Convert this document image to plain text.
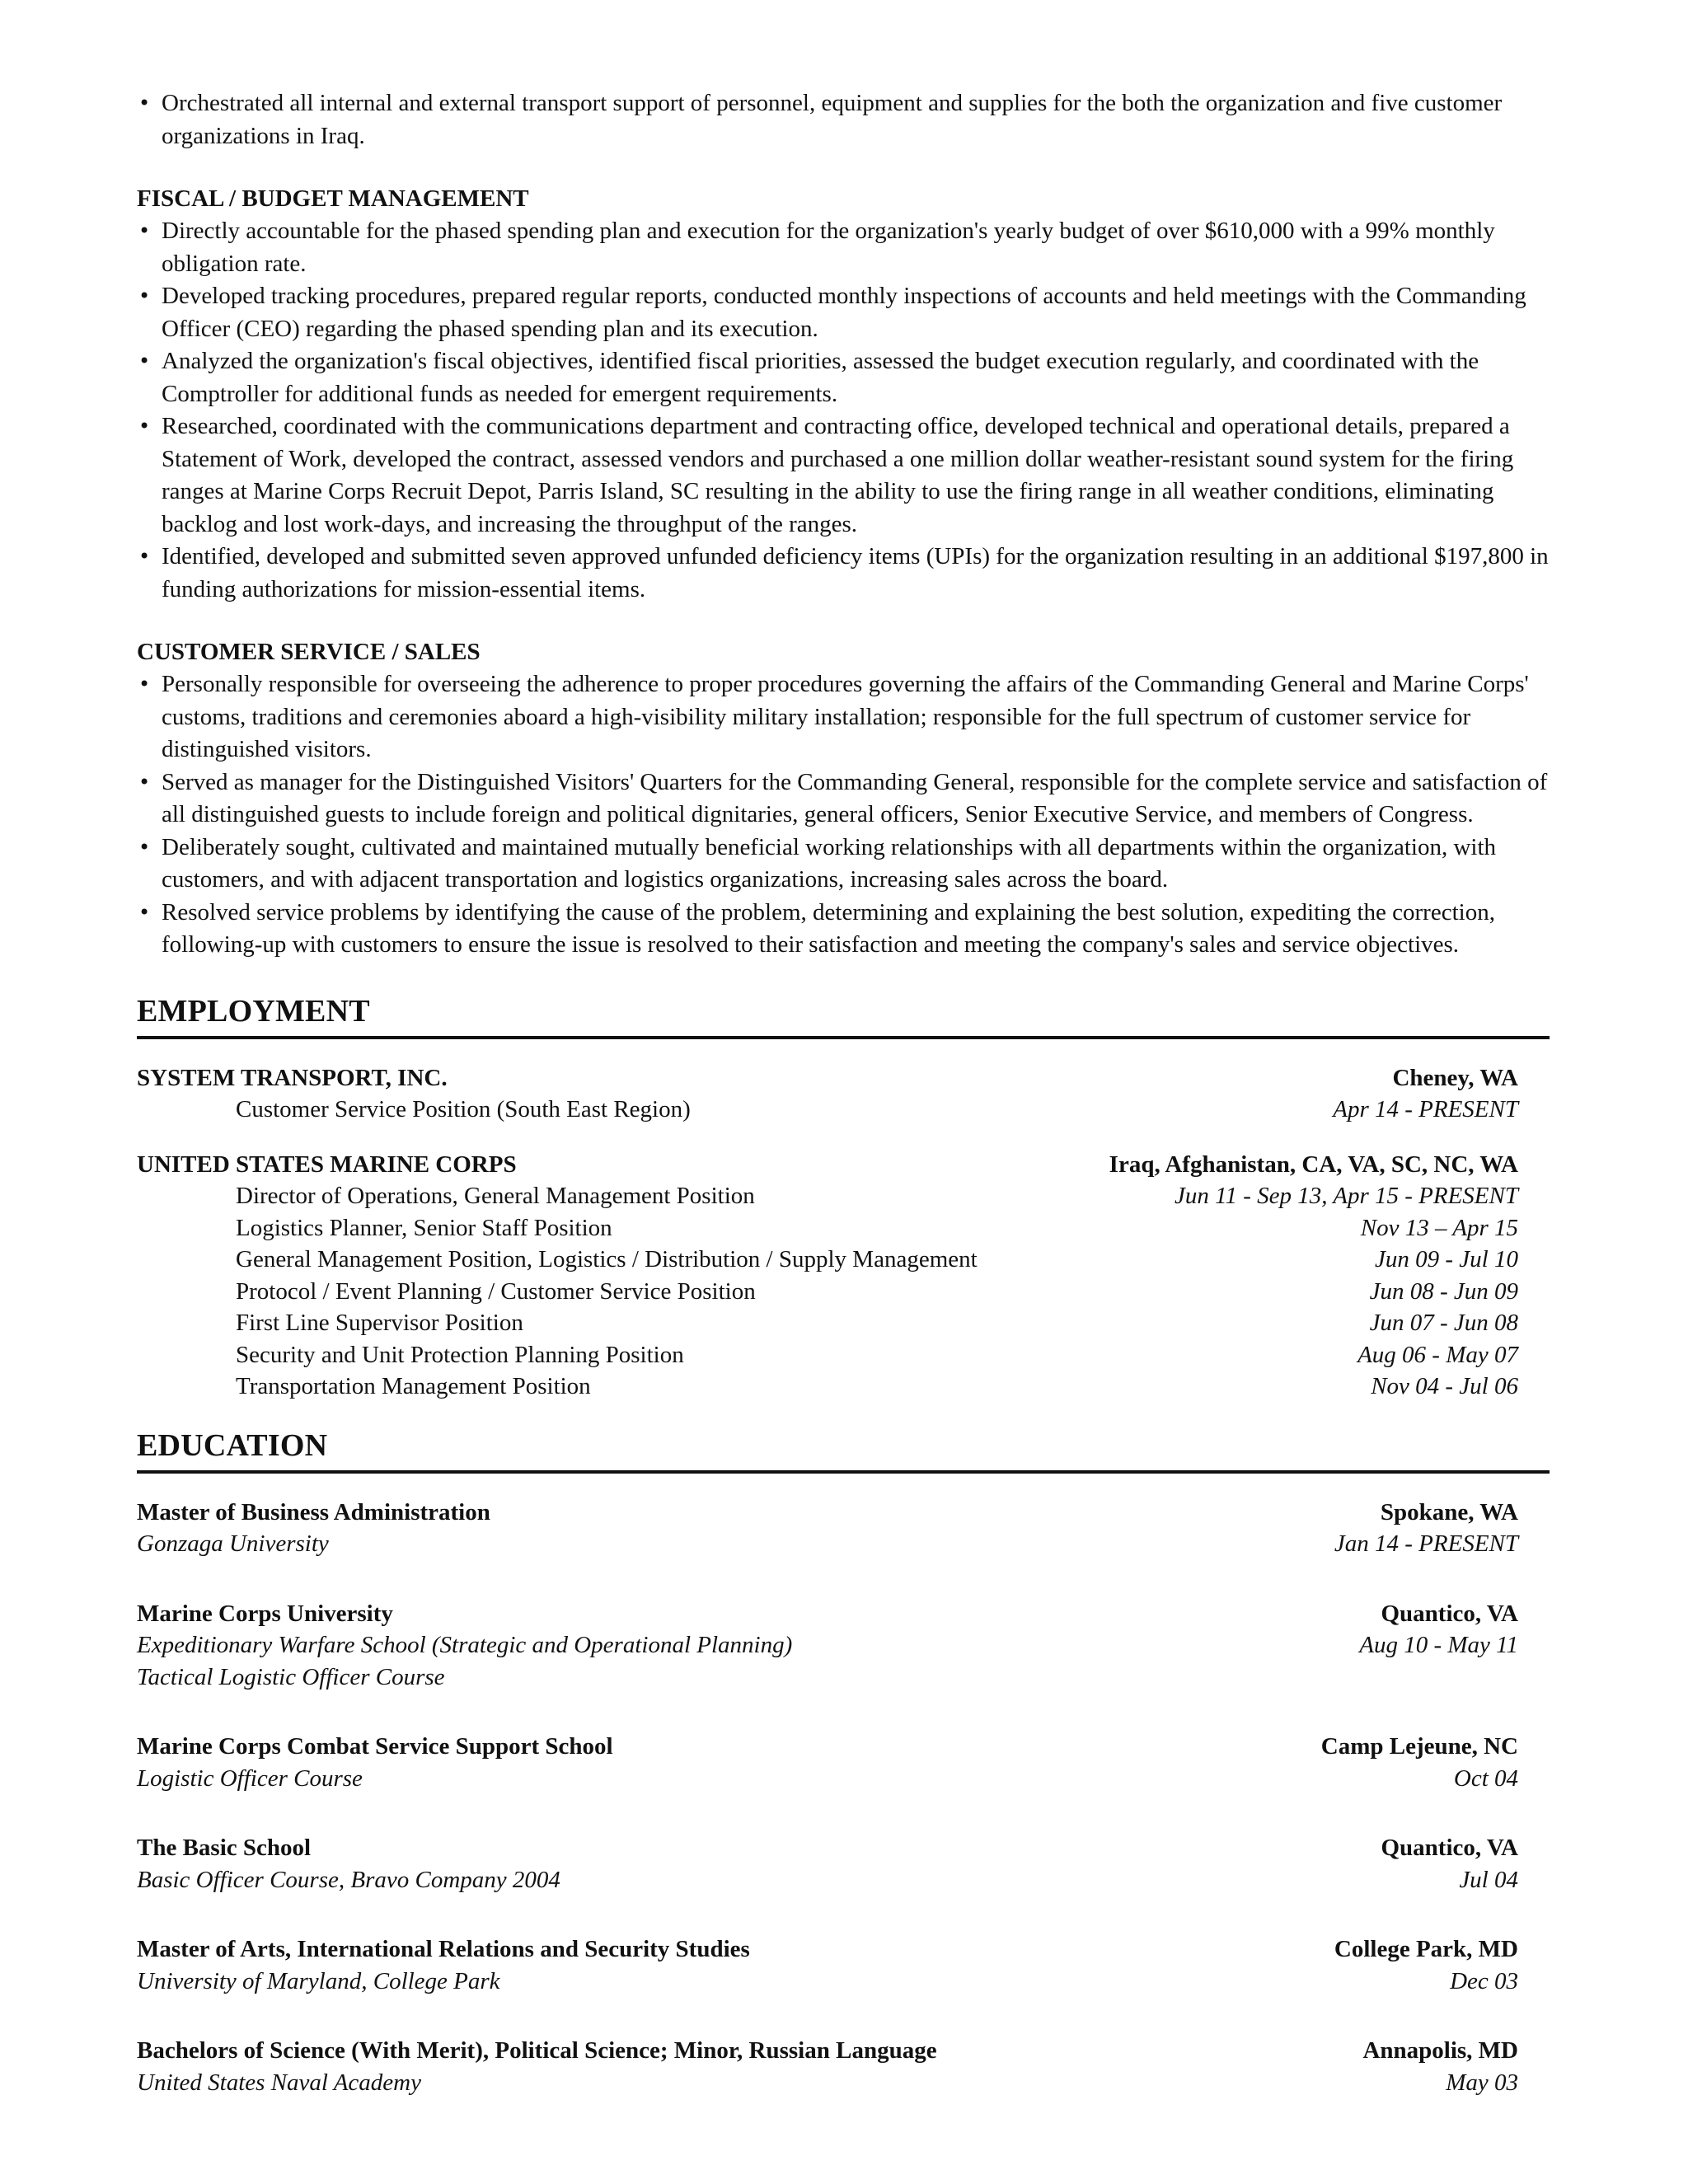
• Orchestrated all internal and external transport support of personnel, equipment and supplies for the both the organization and five customer organizations in Iraq.

FISCAL / BUDGET MANAGEMENT

• Directly accountable for the phased spending plan and execution for the organization's yearly budget of over $610,000 with a 99% monthly obligation rate.
• Developed tracking procedures, prepared regular reports, conducted monthly inspections of accounts and held meetings with the Commanding Officer (CEO) regarding the phased spending plan and its execution.
• Analyzed the organization's fiscal objectives, identified fiscal priorities, assessed the budget execution regularly, and coordinated with the Comptroller for additional funds as needed for emergent requirements.
• Researched, coordinated with the communications department and contracting office, developed technical and operational details, prepared a Statement of Work, developed the contract, assessed vendors and purchased a one million dollar weather-resistant sound system for the firing ranges at Marine Corps Recruit Depot, Parris Island, SC resulting in the ability to use the firing range in all weather conditions, eliminating backlog and lost work-days, and increasing the throughput of the ranges.
• Identified, developed and submitted seven approved unfunded deficiency items (UPIs) for the organization resulting in an additional $197,800 in funding authorizations for mission-essential items.

CUSTOMER SERVICE / SALES

• Personally responsible for overseeing the adherence to proper procedures governing the affairs of the Commanding General and Marine Corps' customs, traditions and ceremonies aboard a high-visibility military installation; responsible for the full spectrum of customer service for distinguished visitors.
• Served as manager for the Distinguished Visitors' Quarters for the Commanding General, responsible for the complete service and satisfaction of all distinguished guests to include foreign and political dignitaries, general officers, Senior Executive Service, and members of Congress.
• Deliberately sought, cultivated and maintained mutually beneficial working relationships with all departments within the organization, with customers, and with adjacent transportation and logistics organizations, increasing sales across the board.
• Resolved service problems by identifying the cause of the problem, determining and explaining the best solution, expediting the correction, following-up with customers to ensure the issue is resolved to their satisfaction and meeting the company's sales and service objectives.
EMPLOYMENT
SYSTEM TRANSPORT, INC.	Cheney, WA
Customer Service Position (South East Region)	Apr 14 - PRESENT
UNITED STATES MARINE CORPS	Iraq, Afghanistan, CA, VA, SC, NC, WA
Director of Operations, General Management Position	Jun 11 - Sep 13, Apr 15 - PRESENT
Logistics Planner, Senior Staff Position	Nov 13 – Apr 15
General Management Position, Logistics / Distribution / Supply Management	Jun 09 - Jul 10
Protocol / Event Planning / Customer Service Position	Jun 08 - Jun 09
First Line Supervisor Position	Jun 07 - Jun 08
Security and Unit Protection Planning Position	Aug 06 - May 07
Transportation Management Position	Nov 04 - Jul 06
EDUCATION
Master of Business Administration	Spokane, WA
Gonzaga University	Jan 14 - PRESENT
Marine Corps University	Quantico, VA
Expeditionary Warfare School (Strategic and Operational Planning)	Aug 10 - May 11
Tactical Logistic Officer Course
Marine Corps Combat Service Support School	Camp Lejeune, NC
Logistic Officer Course	Oct 04
The Basic School	Quantico, VA
Basic Officer Course, Bravo Company 2004	Jul 04
Master of Arts, International Relations and Security Studies	College Park, MD
University of Maryland, College Park	Dec 03
Bachelors of Science (With Merit), Political Science; Minor, Russian Language	Annapolis, MD
United States Naval Academy	May 03
